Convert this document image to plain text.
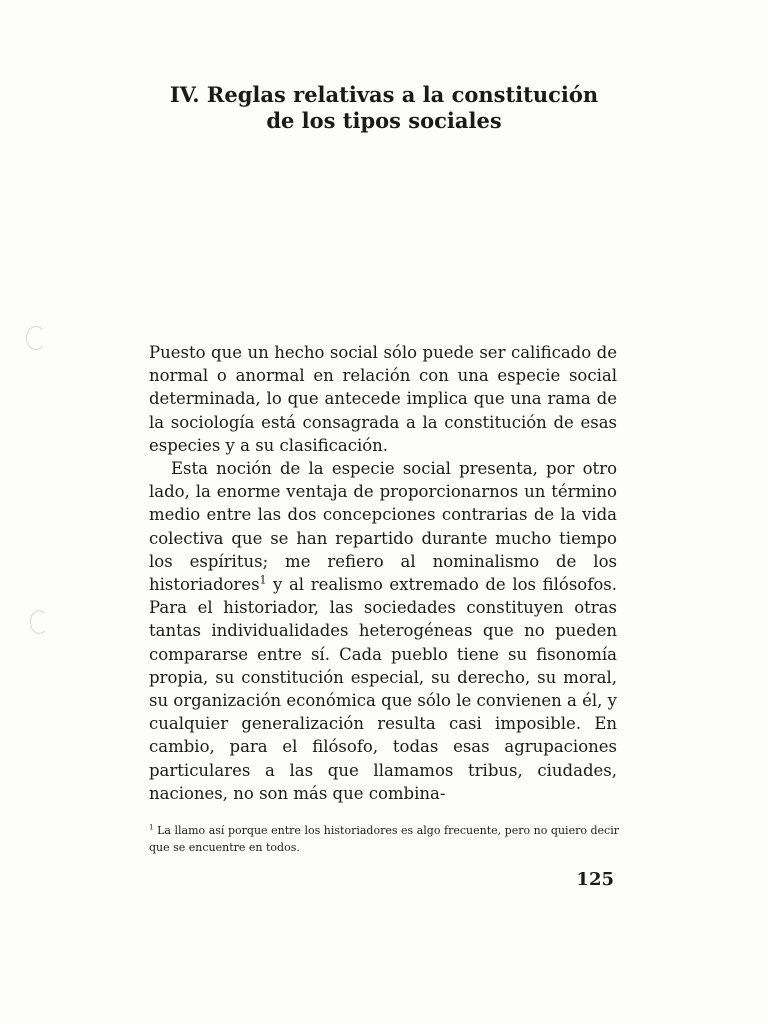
IV. Reglas relativas a la constitución
de los tipos sociales

Puesto que un hecho social sólo puede ser calificado de normal o anormal en relación con una especie social determinada, lo que antecede implica que una rama de la sociología está consagrada a la constitución de esas especies y a su clasificación.

Esta noción de la especie social presenta, por otro lado, la enorme ventaja de proporcionarnos un término medio entre las dos concepciones contrarias de la vida colectiva que se han repartido durante mucho tiempo los espíritus; me refiero al nominalismo de los historiadores$^1$ y al realismo extremado de los filósofos. Para el historiador, las sociedades constituyen otras tantas individualidades heterogéneas que no pueden compararse entre sí. Cada pueblo tiene su fisonomía propia, su constitución especial, su derecho, su moral, su organización económica que sólo le convienen a él, y cualquier generalización resulta casi imposible. En cambio, para el filósofo, todas esas agrupaciones particulares a las que llamamos tribus, ciudades, naciones, no son más que combina-

$^1$ La llamo así porque entre los historiadores es algo frecuente, pero no quiero decir que se encuentre en todos.

125
